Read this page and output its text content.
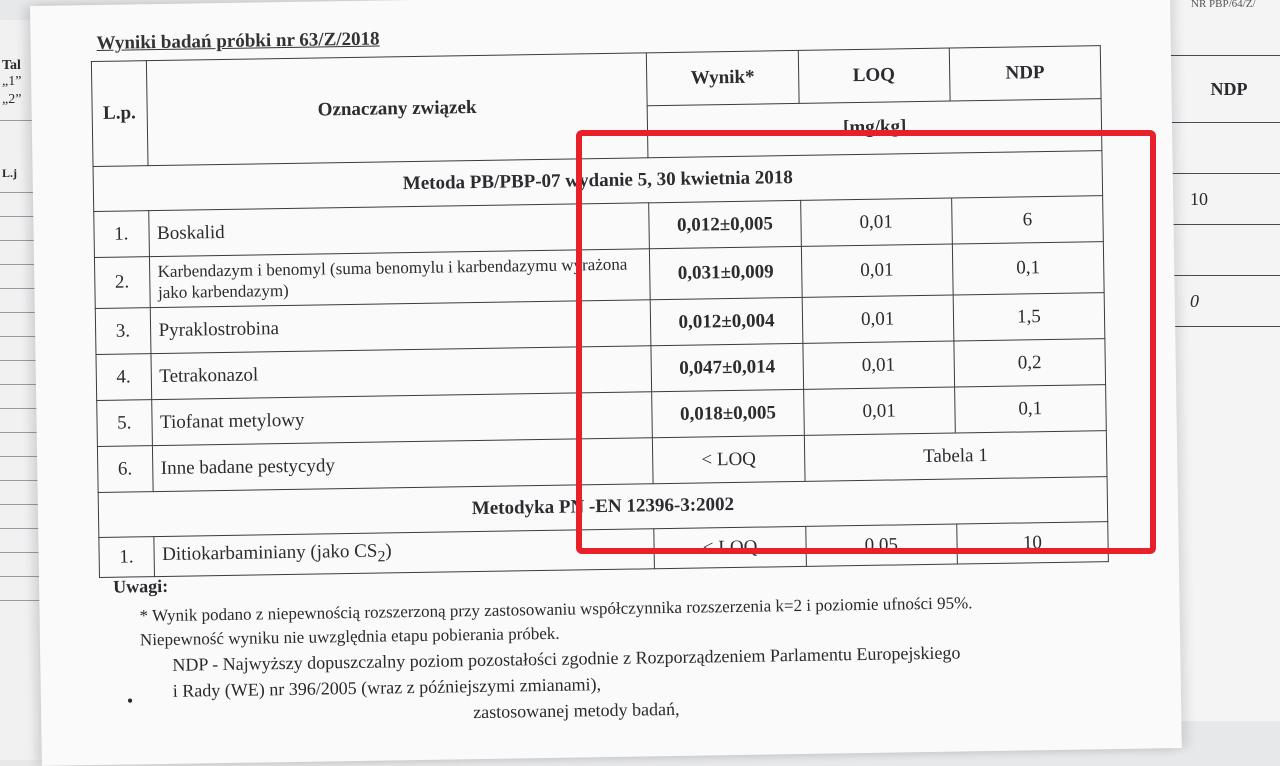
Tal
„1”
„2”
L.j
NR PBP/64/Z/
NDP

10

0

Wyniki badań próbki nr 63/Z/2018
L.p.	Oznaczany związek	Wynik*	LOQ	NDP
		[mg/kg]		
Metoda PB/PBP-07 wydanie 5, 30 kwietnia 2018				
1.	Boskalid	0,012±0,005	0,01	6
2.	Karbendazym i benomyl (suma benomylu i karbendazymu wyrażona jako karbendazym)	0,031±0,009	0,01	0,1
3.	Pyraklostrobina	0,012±0,004	0,01	1,5
4.	Tetrakonazol	0,047±0,014	0,01	0,2
5.	Tiofanat metylowy	0,018±0,005	0,01	0,1
6.	Inne badane pestycydy	< LOQ	Tabela 1	
Metodyka PN -EN 12396-3:2002				
1.	Ditiokarbaminiany (jako $CS_2$)	< LOQ	0,05	10
Uwagi:
* Wynik podano z niepewnością rozszerzoną przy zastosowaniu współczynnika rozszerzenia k=2 i poziomie ufności 95%. Niepewność wyniku nie uwzględnia etapu pobierania próbek.
NDP - Najwyższy dopuszczalny poziom pozostałości zgodnie z Rozporządzeniem Parlamentu Europejskiego
i Rady (WE) nr 396/2005 (wraz z późniejszymi zmianami),
zastosowanej metody badań,
•
